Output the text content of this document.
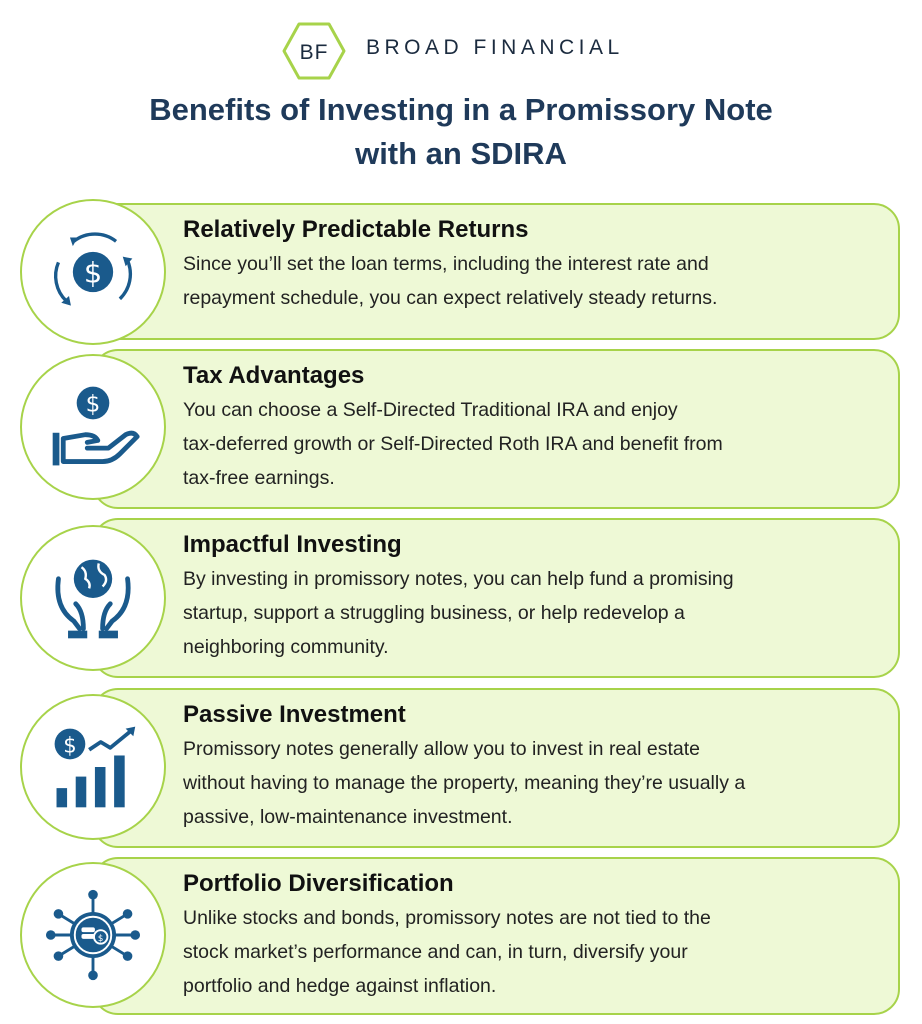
BF BROAD FINANCIAL
Benefits of Investing in a Promissory Note
with an SDIRA
Relatively Predictable Returns
Since you’ll set the loan terms, including the interest rate and
repayment schedule, you can expect relatively steady returns.
Tax Advantages
You can choose a Self-Directed Traditional IRA and enjoy
tax-deferred growth or Self-Directed Roth IRA and benefit from
tax-free earnings.
Impactful Investing
By investing in promissory notes, you can help fund a promising
startup, support a struggling business, or help redevelop a
neighboring community.
Passive Investment
Promissory notes generally allow you to invest in real estate
without having to manage the property, meaning they’re usually a
passive, low-maintenance investment.
Portfolio Diversification
Unlike stocks and bonds, promissory notes are not tied to the
stock market’s performance and can, in turn, diversify your
portfolio and hedge against inflation.
$
$
$
$
